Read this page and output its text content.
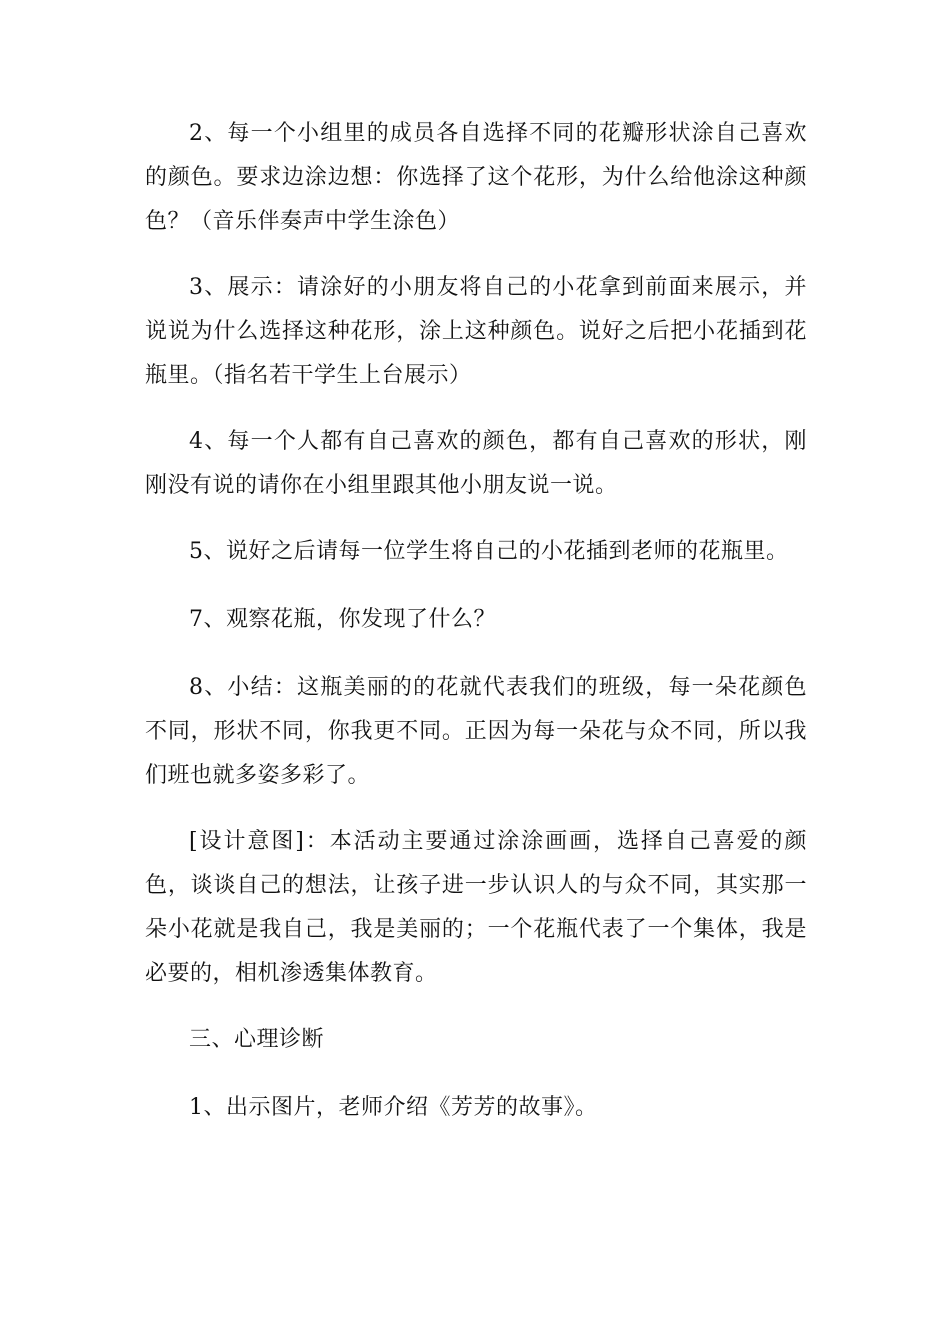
2、每一个小组里的成员各自选择不同的花瓣形状涂自己喜欢的颜色。要求边涂边想：你选择了这个花形，为什么给他涂这种颜色？（音乐伴奏声中学生涂色）

3、展示：请涂好的小朋友将自己的小花拿到前面来展示，并说说为什么选择这种花形，涂上这种颜色。说好之后把小花插到花瓶里。（指名若干学生上台展示）

4、每一个人都有自己喜欢的颜色，都有自己喜欢的形状，刚刚没有说的请你在小组里跟其他小朋友说一说。

5、说好之后请每一位学生将自己的小花插到老师的花瓶里。

7、观察花瓶，你发现了什么？

8、小结：这瓶美丽的的花就代表我们的班级，每一朵花颜色不同，形状不同，你我更不同。正因为每一朵花与众不同，所以我们班也就多姿多彩了。

[设计意图]：本活动主要通过涂涂画画，选择自己喜爱的颜色，谈谈自己的想法，让孩子进一步认识人的与众不同，其实那一朵小花就是我自己，我是美丽的；一个花瓶代表了一个集体，我是必要的，相机渗透集体教育。

三、心理诊断

1、出示图片，老师介绍《芳芳的故事》。
